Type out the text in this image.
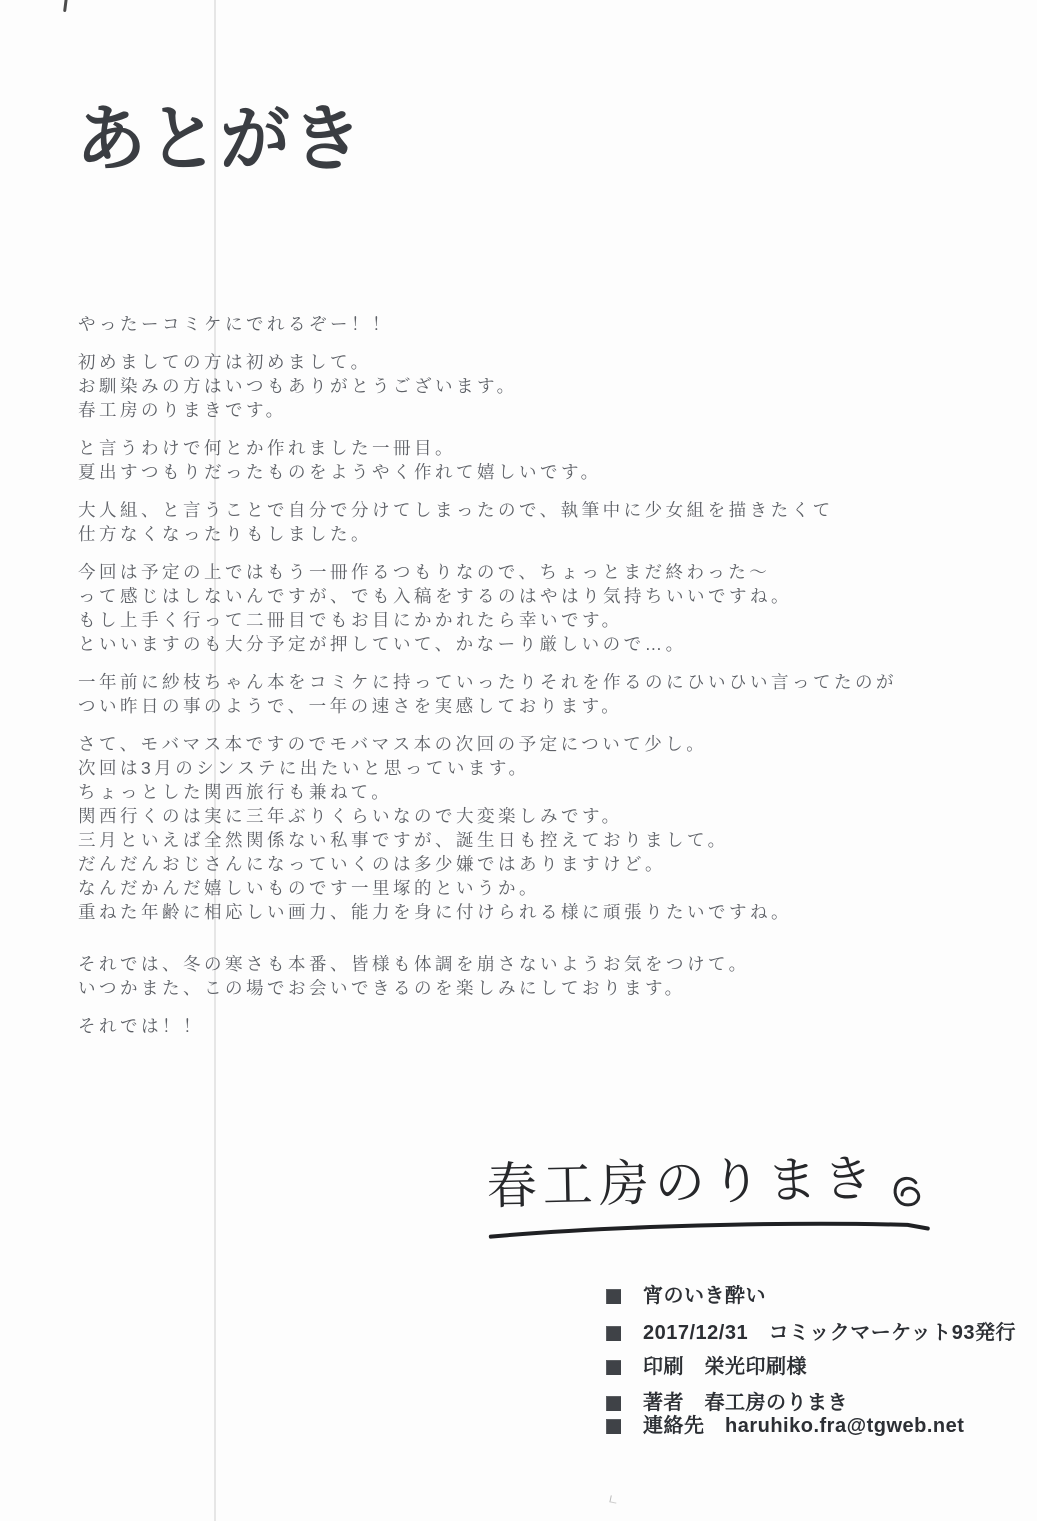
あとがき
やったーコミケにでれるぞー！！
初めましての方は初めまして。
お馴染みの方はいつもありがとうございます。
春工房のりまきです。
と言うわけで何とか作れました一冊目。
夏出すつもりだったものをようやく作れて嬉しいです。
大人組、と言うことで自分で分けてしまったので、執筆中に少女組を描きたくて
仕方なくなったりもしました。
今回は予定の上ではもう一冊作るつもりなので、ちょっとまだ終わった～
って感じはしないんですが、でも入稿をするのはやはり気持ちいいですね。
もし上手く行って二冊目でもお目にかかれたら幸いです。
といいますのも大分予定が押していて、かなーり厳しいので…。
一年前に紗枝ちゃん本をコミケに持っていったりそれを作るのにひいひい言ってたのが
つい昨日の事のようで、一年の速さを実感しております。
さて、モバマス本ですのでモバマス本の次回の予定について少し。
次回は3月のシンステに出たいと思っています。
ちょっとした関西旅行も兼ねて。
関西行くのは実に三年ぶりくらいなので大変楽しみです。
三月といえば全然関係ない私事ですが、誕生日も控えておりまして。
だんだんおじさんになっていくのは多少嫌ではありますけど。
なんだかんだ嬉しいものです一里塚的というか。
重ねた年齢に相応しい画力、能力を身に付けられる様に頑張りたいですね。
それでは、冬の寒さも本番、皆様も体調を崩さないようお気をつけて。
いつかまた、この場でお会いできるのを楽しみにしております。
それでは！！
春工房のりまき
宵のいき酔い
2017/12/31　コミックマーケット93発行
印刷　栄光印刷様
著者　春工房のりまき
連絡先　haruhiko.fra@tgweb.net
